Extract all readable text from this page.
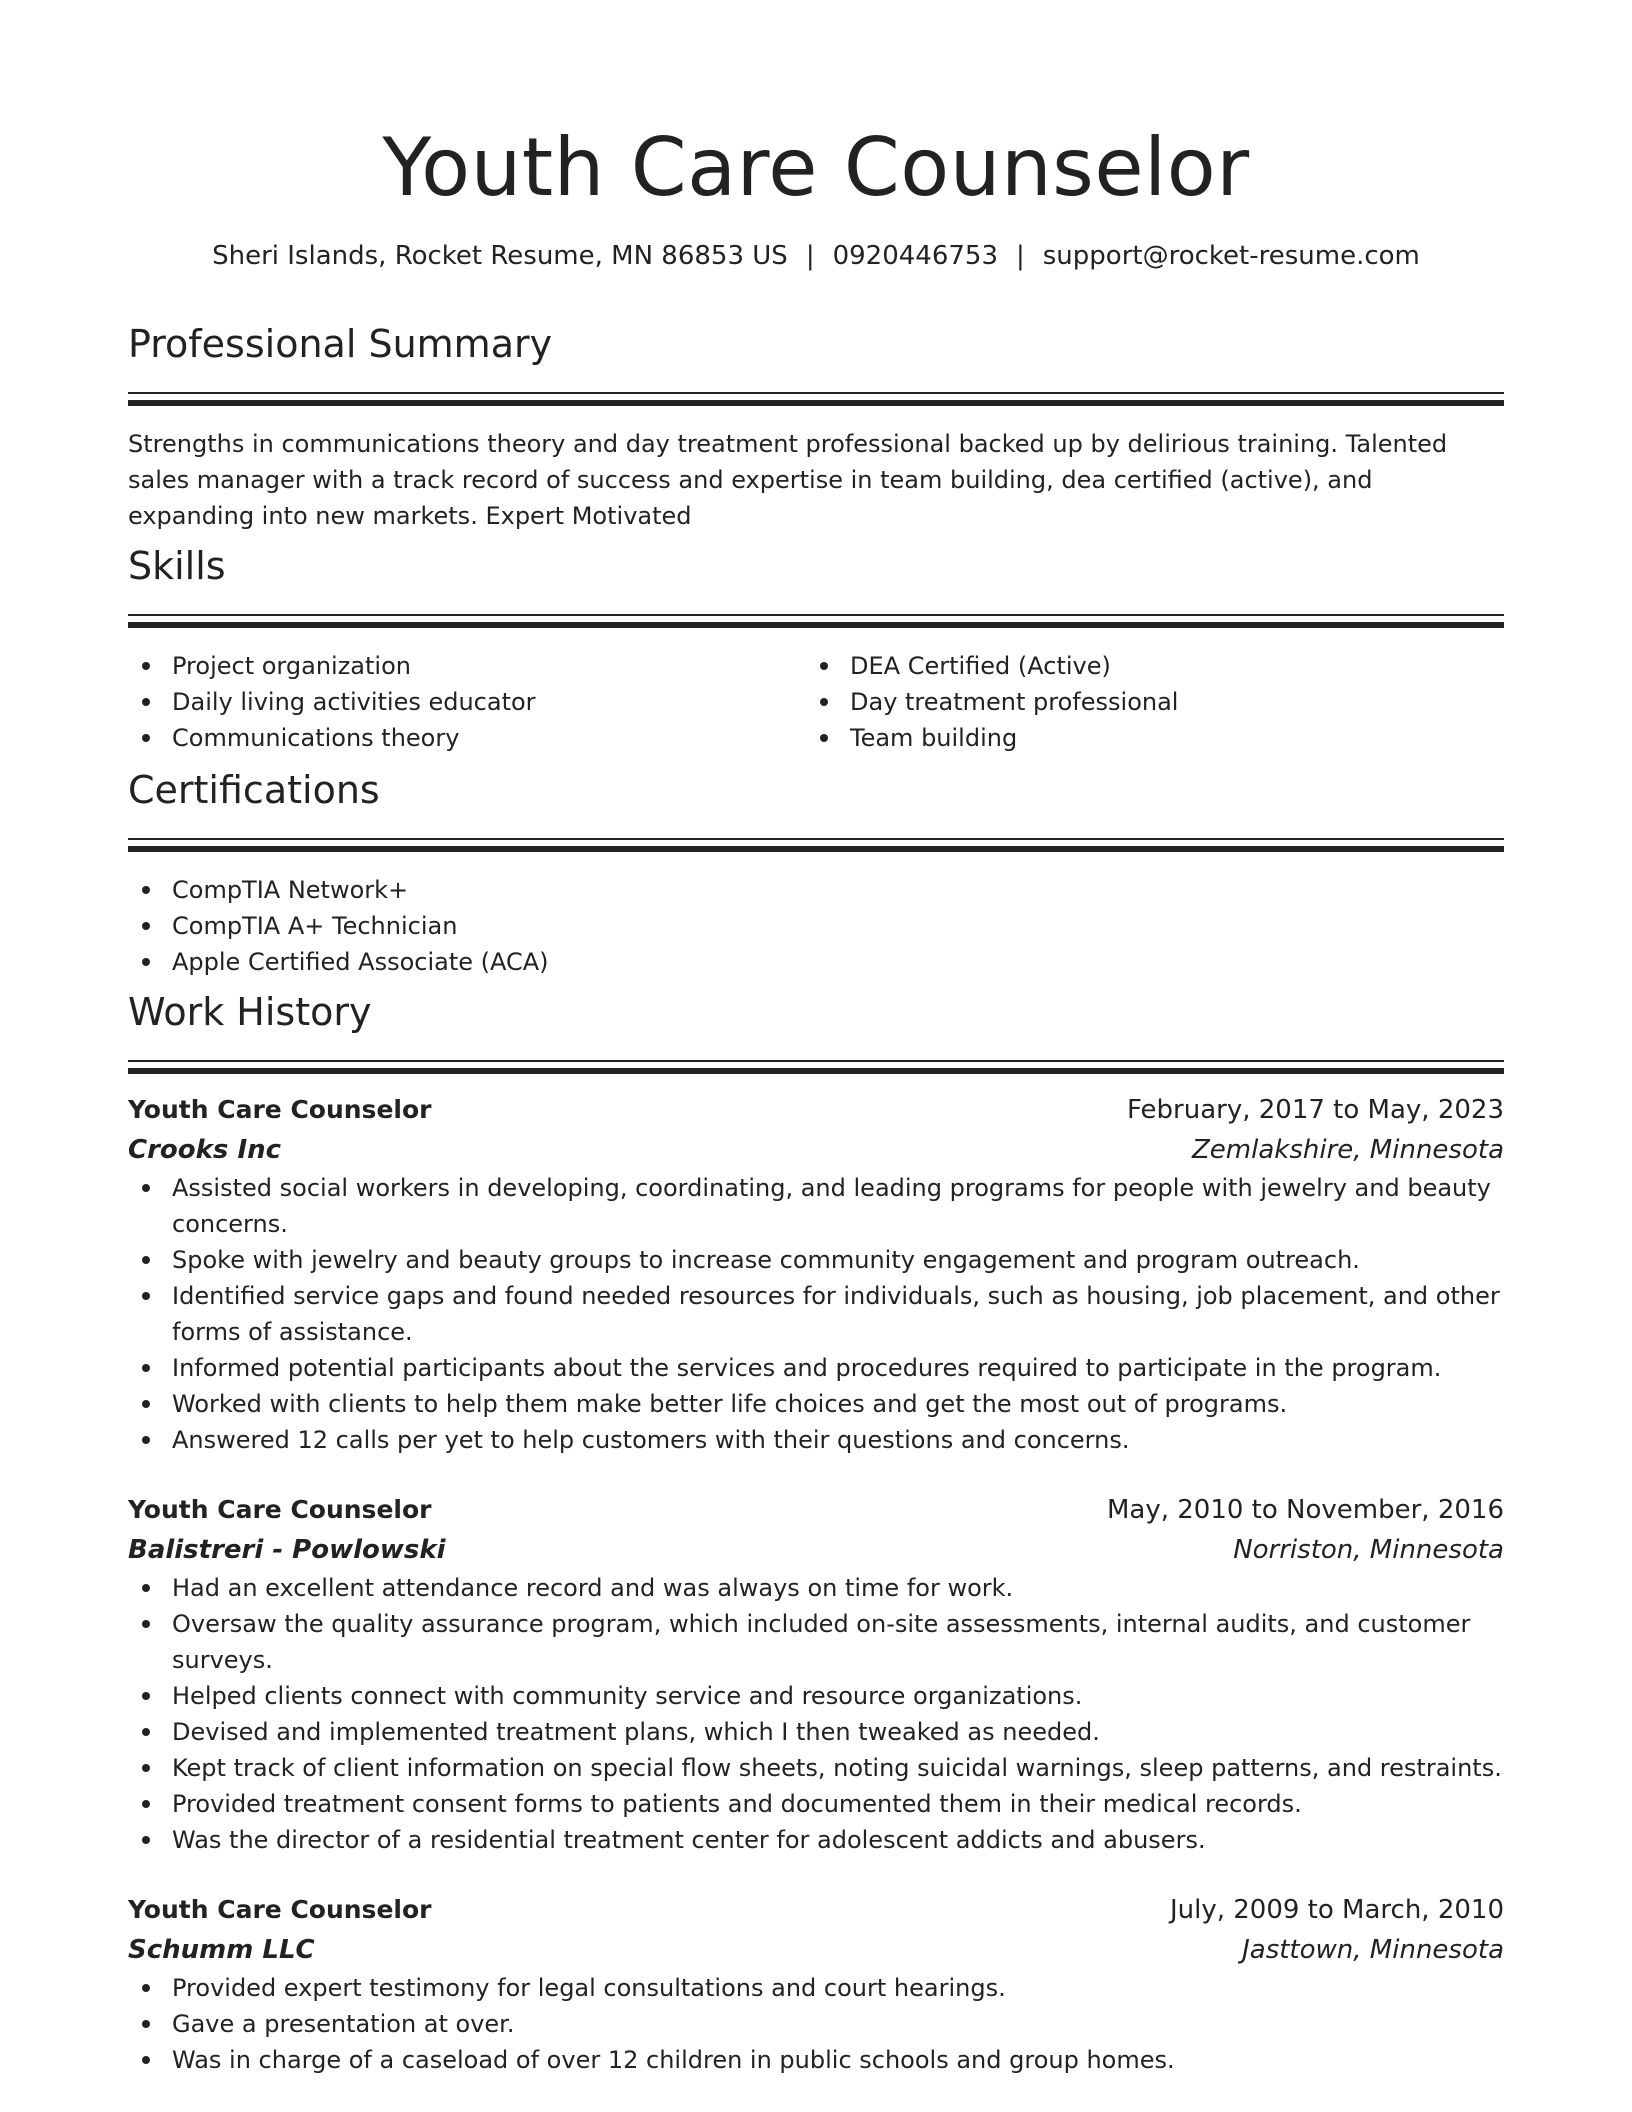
Youth Care Counselor
Sheri Islands, Rocket Resume, MN 86853 US | 0920446753 | support@rocket-resume.com
Professional Summary
Strengths in communications theory and day treatment professional backed up by delirious training. Talented sales manager with a track record of success and expertise in team building, dea certified (active), and expanding into new markets. Expert Motivated
Skills
Project organization
Daily living activities educator
Communications theory
DEA Certified (Active)
Day treatment professional
Team building
Certifications
CompTIA Network+
CompTIA A+ Technician
Apple Certified Associate (ACA)
Work History
Youth Care Counselor	February, 2017 to May, 2023
Crooks Inc	Zemlakshire, Minnesota
Assisted social workers in developing, coordinating, and leading programs for people with jewelry and beauty concerns.
Spoke with jewelry and beauty groups to increase community engagement and program outreach.
Identified service gaps and found needed resources for individuals, such as housing, job placement, and other forms of assistance.
Informed potential participants about the services and procedures required to participate in the program.
Worked with clients to help them make better life choices and get the most out of programs.
Answered 12 calls per yet to help customers with their questions and concerns.
Youth Care Counselor	May, 2010 to November, 2016
Balistreri - Powlowski	Norriston, Minnesota
Had an excellent attendance record and was always on time for work.
Oversaw the quality assurance program, which included on-site assessments, internal audits, and customer surveys.
Helped clients connect with community service and resource organizations.
Devised and implemented treatment plans, which I then tweaked as needed.
Kept track of client information on special flow sheets, noting suicidal warnings, sleep patterns, and restraints.
Provided treatment consent forms to patients and documented them in their medical records.
Was the director of a residential treatment center for adolescent addicts and abusers.
Youth Care Counselor	July, 2009 to March, 2010
Schumm LLC	Jasttown, Minnesota
Provided expert testimony for legal consultations and court hearings.
Gave a presentation at over.
Was in charge of a caseload of over 12 children in public schools and group homes.
